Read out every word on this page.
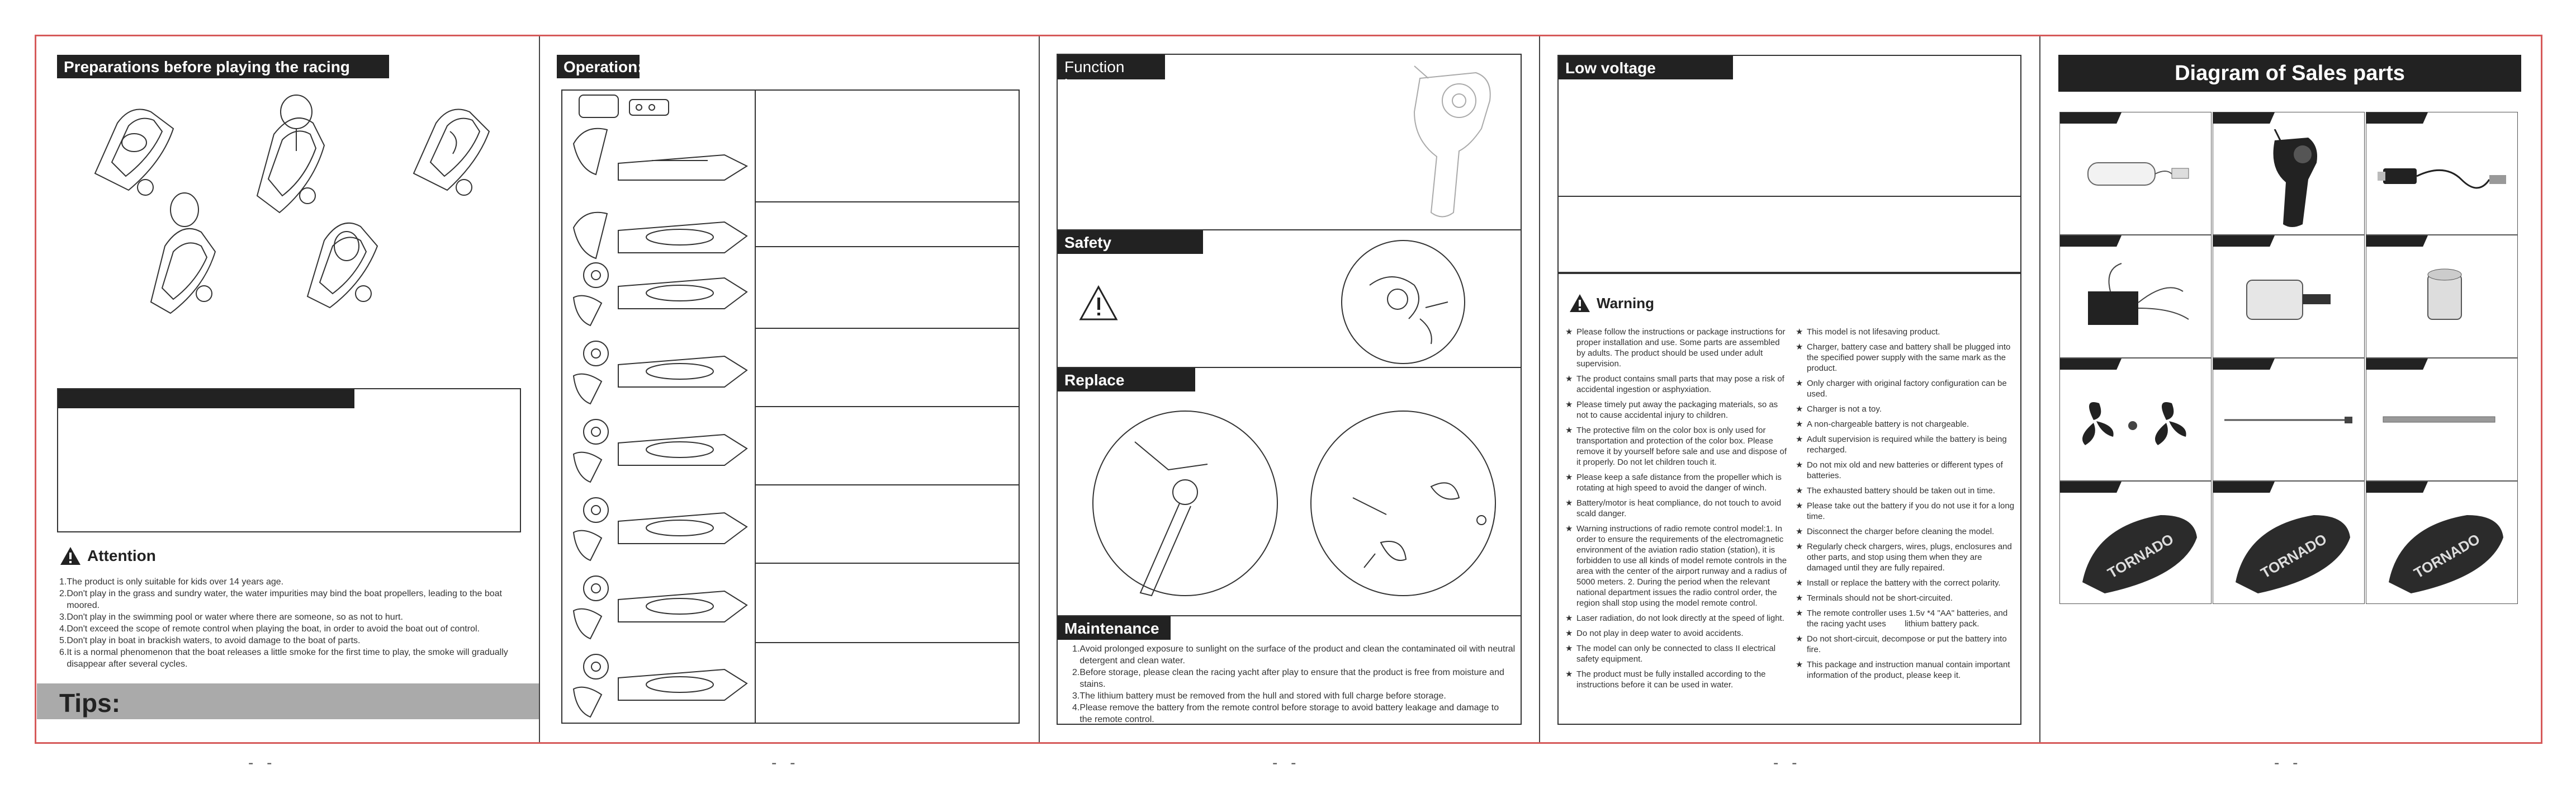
Preparations before playing the racing yacht
Attention
1.The product is only suitable for kids over 14 years age.
2.Don't play in the grass and sundry water, the water impurities may bind the boat propellers, leading to the boat
moored.
3.Don't play in the swimming pool or water where there are someone, so as not to hurt.
4.Don't exceed the scope of remote control when playing the boat, in order to avoid the boat out of control.
5.Don't play in boat in brackish waters, to avoid damage to the boat of parts.
6.It is a normal phenomenon that the boat releases a little smoke for the first time to play, the smoke will gradually
disappear after several cycles.
Tips:
- -
Operation:
- -
Function keys
Safety precautions
Replace propeller
Maintenance
1.Avoid prolonged exposure to sunlight on the surface of the product and clean the contaminated oil with neutral
detergent and clean water.
2.Before storage, please clean the racing yacht after play to ensure that the product is free from moisture and
stains.
3.The lithium battery must be removed from the hull and stored with full charge before storage.
4.Please remove the battery from the remote control before storage to avoid battery leakage and damage to
the remote control.
- -
Low voltage protection
Warning
★ Please follow the instructions or package instructions for proper installation and use. Some parts are assembled by adults. The product should be used under adult supervision.
★ The product contains small parts that may pose a risk of accidental ingestion or asphyxiation.
★ Please timely put away the packaging materials, so as not to cause accidental injury to children.
★ The protective film on the color box is only used for transportation and protection of the color box. Please remove it by yourself before sale and use and dispose of it properly. Do not let children touch it.
★ Please keep a safe distance from the propeller which is rotating at high speed to avoid the danger of winch.
★ Battery/motor is heat compliance, do not touch to avoid scald danger.
★ Warning instructions of radio remote control model:1. In order to ensure the requirements of the electromagnetic environment of the aviation radio station (station), it is forbidden to use all kinds of model remote controls in the area with the center of the airport runway and a radius of 5000 meters. 2. During the period when the relevant national department issues the radio control order, the region shall stop using the model remote control.
★ Laser radiation, do not look directly at the speed of light.
★ Do not play in deep water to avoid accidents.
★ The model can only be connected to class II electrical safety equipment.
★ The product must be fully installed according to the instructions before it can be used in water.
★ This model is not lifesaving product.
★ Charger, battery case and battery shall be plugged into the specified power supply with the same mark as the product.
★ Only charger with original factory configuration can be used.
★ Charger is not a toy.
★ A non-chargeable battery is not chargeable.
★ Adult supervision is required while the battery is being recharged.
★ Do not mix old and new batteries or different types of batteries.
★ The exhausted battery should be taken out in time.
★ Please take out the battery if you do not use it for a long time.
★ Disconnect the charger before cleaning the model.
★ Regularly check chargers, wires, plugs, enclosures and other parts, and stop using them when they are damaged until they are fully repaired.
★ Install or replace the battery with the correct polarity.
★ Terminals should not be short-circuited.
★ The remote controller uses 1.5v *4 "AA" batteries, and the racing yacht uses        lithium battery pack.
★ Do not short-circuit, decompose or put the battery into fire.
★ This package and instruction manual contain important information of the product, please keep it.
- -
Diagram of Sales parts
TORNADO	TORNADO	TORNADO
- -
